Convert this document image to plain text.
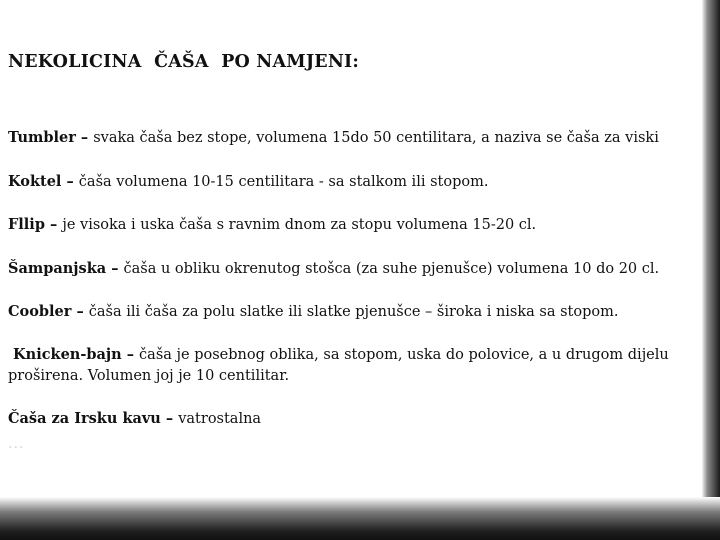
NEKOLICINA  ČAŠA  PO NAMJENI:
Tumbler – svaka čaša bez stope, volumena 15do 50 centilitara, a naziva se čaša za viski
Koktel – čaša volumena 10-15 centilitara - sa stalkom ili stopom.
Fllip – je visoka i uska čaša s ravnim dnom za stopu volumena 15-20 cl.
Šampanjska – čaša u obliku okrenutog stošca (za suhe pjenušce) volumena 10 do 20 cl.
Coobler – čaša ili čaša za polu slatke ili slatke pjenušce – široka i niska sa stopom.
Knicken-bajn – čaša je posebnog oblika, sa stopom, uska do polovice, a u drugom dijelu proširena. Volumen joj je 10 centilitar.
Čaša za Irsku kavu – vatrostalna
...
